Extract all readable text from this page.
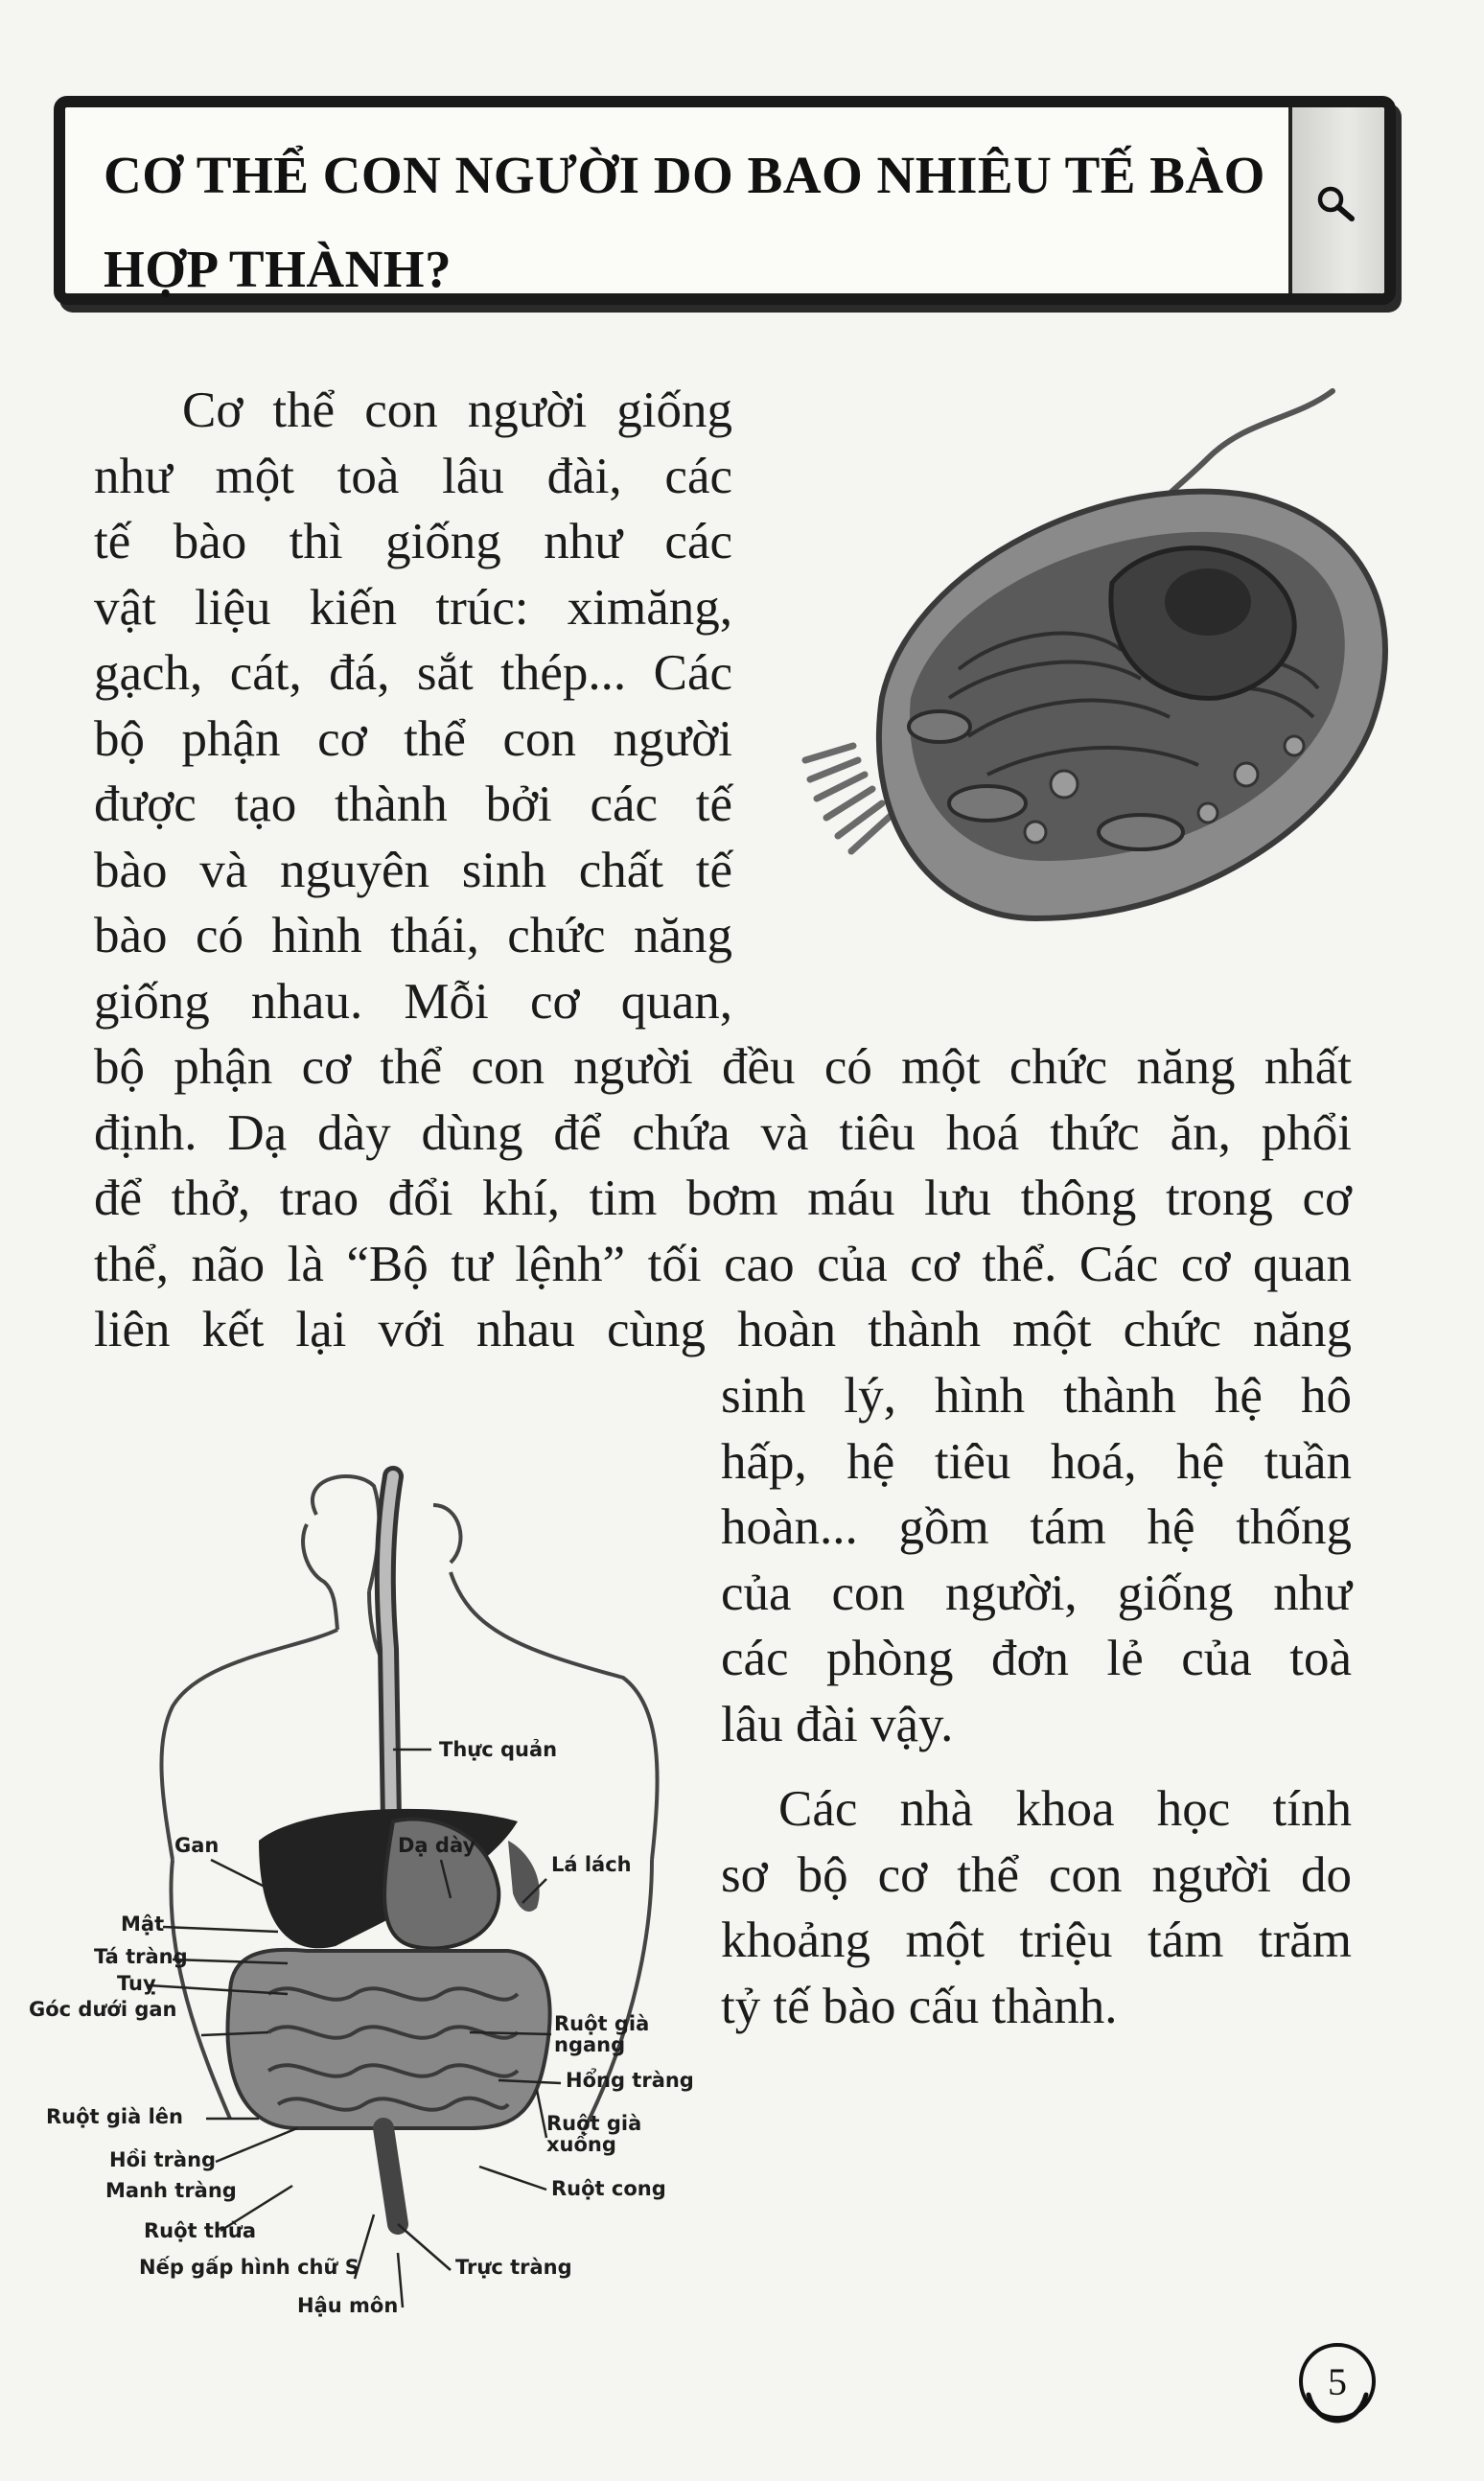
CƠ THỂ CON NGƯỜI DO BAO NHIÊU TẾ BÀO
HỢP THÀNH?
Cơ thể con người giống
như một toà lâu đài, các
tế bào thì giống như các
vật liệu kiến trúc: ximăng,
gạch, cát, đá, sắt thép... Các
bộ phận cơ thể con người
được tạo thành bởi các tế
bào và nguyên sinh chất tế
bào có hình thái, chức năng
giống nhau. Mỗi cơ quan,
bộ phận cơ thể con người đều có một chức năng nhất
định. Dạ dày dùng để chứa và tiêu hoá thức ăn, phổi
để thở, trao đổi khí, tim bơm máu lưu thông trong cơ
thể, não là “Bộ tư lệnh” tối cao của cơ thể. Các cơ quan
liên kết lại với nhau cùng hoàn thành một chức năng
sinh lý, hình thành hệ hô
hấp, hệ tiêu hoá, hệ tuần
hoàn... gồm tám hệ thống
của con người, giống như
các phòng đơn lẻ của toà
lâu đài vậy.
Các nhà khoa học tính
sơ bộ cơ thể con người do
khoảng một triệu tám trăm
tỷ tế bào cấu thành.
Thực quản
Gan	Dạ dày
Lá lách
Mật
Tá tràng
Tuỵ
Góc dưới gan
Ruột già
ngang
Hổng tràng
Ruột già lên	Ruột già
xuống
Hồi tràng
Manh tràng	Ruột cong
Ruột thừa
Nếp gấp hình chữ S	Trực tràng
Hậu môn
5
